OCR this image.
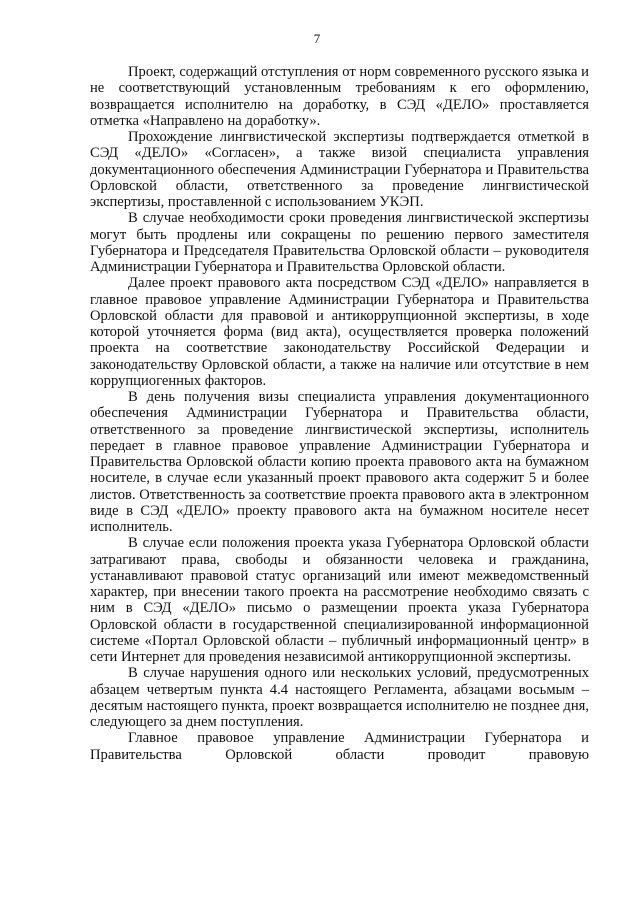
7

Проект, содержащий отступления от норм современного русского языка и не соответствующий установленным требованиям к его оформлению, возвращается исполнителю на доработку, в СЭД «ДЕЛО» проставляется отметка «Направлено на доработку».

Прохождение лингвистической экспертизы подтверждается отметкой в СЭД «ДЕЛО» «Согласен», а также визой специалиста управления документационного обеспечения Администрации Губернатора и Правительства Орловской области, ответственного за проведение лингвистической экспертизы, проставленной с использованием УКЭП.

В случае необходимости сроки проведения лингвистической экспертизы могут быть продлены или сокращены по решению первого заместителя Губернатора и Председателя Правительства Орловской области – руководителя Администрации Губернатора и Правительства Орловской области.

Далее проект правового акта посредством СЭД «ДЕЛО» направляется в главное правовое управление Администрации Губернатора и Правительства Орловской области для правовой и антикоррупционной экспертизы, в ходе которой уточняется форма (вид акта), осуществляется проверка положений проекта на соответствие законодательству Российской Федерации и законодательству Орловской области, а также на наличие или отсутствие в нем коррупциогенных факторов.

В день получения визы специалиста управления документационного обеспечения Администрации Губернатора и Правительства области, ответственного за проведение лингвистической экспертизы, исполнитель передает в главное правовое управление Администрации Губернатора и Правительства Орловской области копию проекта правового акта на бумажном носителе, в случае если указанный проект правового акта содержит 5 и более листов. Ответственность за соответствие проекта правового акта в электронном виде в СЭД «ДЕЛО» проекту правового акта на бумажном носителе несет исполнитель.

В случае если положения проекта указа Губернатора Орловской области затрагивают права, свободы и обязанности человека и гражданина, устанавливают правовой статус организаций или имеют межведомственный характер, при внесении такого проекта на рассмотрение необходимо связать с ним в СЭД «ДЕЛО» письмо о размещении проекта указа Губернатора Орловской области в государственной специализированной информационной системе «Портал Орловской области – публичный информационный центр» в сети Интернет для проведения независимой антикоррупционной экспертизы.

В случае нарушения одного или нескольких условий, предусмотренных абзацем четвертым пункта 4.4 настоящего Регламента, абзацами восьмым – десятым настоящего пункта, проект возвращается исполнителю не позднее дня, следующего за днем поступления.

Главное правовое управление Администрации Губернатора и Правительства Орловской области проводит правовую
